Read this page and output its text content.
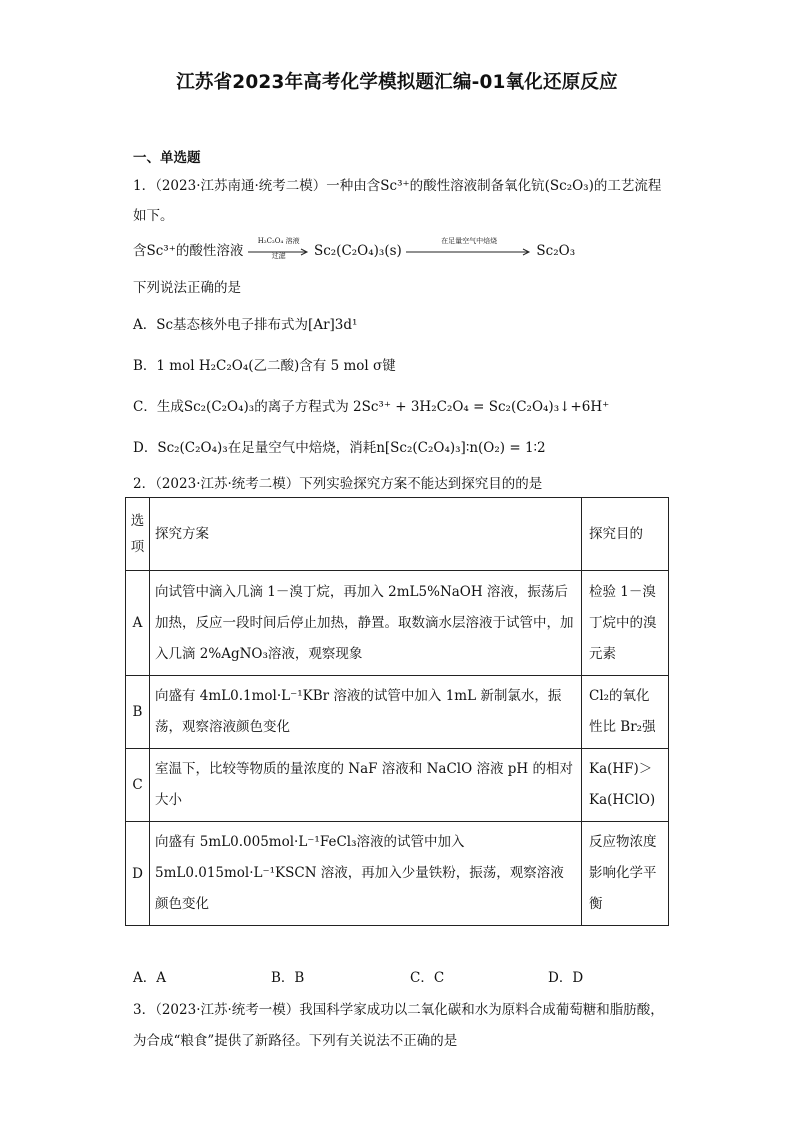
江苏省2023年高考化学模拟题汇编-01氧化还原反应
一、单选题
1．（2023·江苏南通·统考二模）一种由含Sc³⁺的酸性溶液制备氧化钪(Sc₂O₃)的工艺流程
如下。
含Sc³⁺的酸性溶液
H₂C₂O₄ 溶液
过滤	Sc₂(C₂O₄)₃(s)
在足量空气中焙烧
Sc₂O₃
下列说法正确的是
A．Sc基态核外电子排布式为[Ar]3d¹
B．1 mol H₂C₂O₄(乙二酸)含有 5 mol σ键
C．生成Sc₂(C₂O₄)₃的离子方程式为 2Sc³⁺ + 3H₂C₂O₄ = Sc₂(C₂O₄)₃↓+6H⁺
D．Sc₂(C₂O₄)₃在足量空气中焙烧，消耗n[Sc₂(C₂O₄)₃]∶n(O₂) = 1∶2
2．（2023·江苏·统考二模）下列实验探究方案不能达到探究目的的是
选项	探究方案	探究目的
A	向试管中滴入几滴 1－溴丁烷，再加入 2mL5%NaOH 溶液，振荡后加热，反应一段时间后停止加热，静置。取数滴水层溶液于试管中，加入几滴 2%AgNO₃溶液，观察现象	检验 1－溴丁烷中的溴元素
B	向盛有 4mL0.1mol·L⁻¹KBr 溶液的试管中加入 1mL 新制氯水，振荡，观察溶液颜色变化	Cl₂的氧化性比 Br₂强
C	室温下，比较等物质的量浓度的 NaF 溶液和 NaClO 溶液 pH 的相对大小	Ka(HF)＞Ka(HClO)
D	向盛有 5mL0.005mol·L⁻¹FeCl₃溶液的试管中加入 5mL0.015mol·L⁻¹KSCN 溶液，再加入少量铁粉，振荡，观察溶液颜色变化	反应物浓度影响化学平衡
A．A	B．B	C．C	D．D
3．（2023·江苏·统考一模）我国科学家成功以二氧化碳和水为原料合成葡萄糖和脂肪酸，
为合成“粮食”提供了新路径。下列有关说法不正确的是
